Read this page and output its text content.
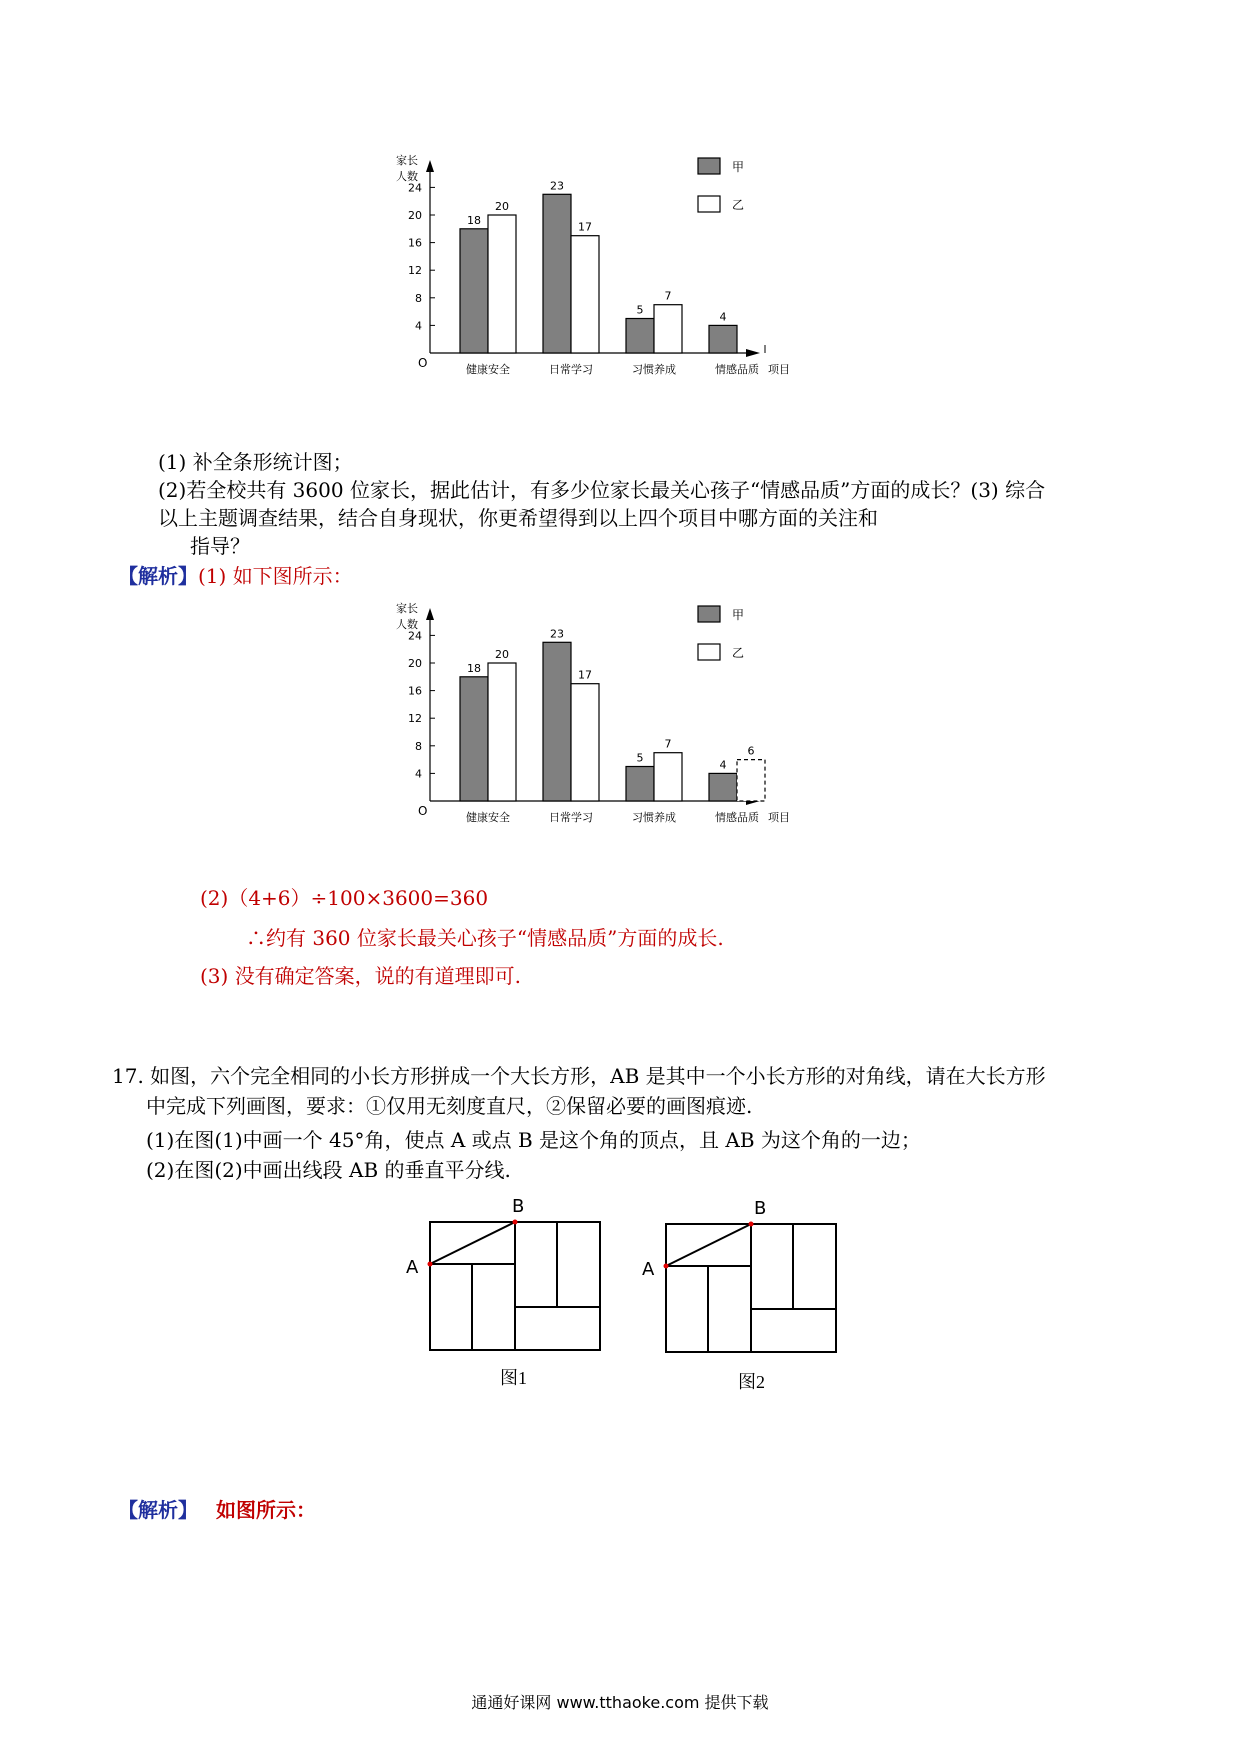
O
家长
人数
4
8
12
16
20
24
18
20
健康安全
23
17
日常学习
5
7
习惯养成
4
情感品质 项目
甲
乙
(1) 补全条形统计图；
(2)若全校共有 3600 位家长，据此估计，有多少位家长最关心孩子“情感品质”方面的成长？(3) 综合
以上主题调查结果，结合自身现状，你更希望得到以上四个项目中哪方面的关注和
指导？
【解析】(1) 如下图所示：
O
家长
人数
4
8
12
16
20
24
18
20
健康安全
23
17
日常学习
5
7
习惯养成
4
6
情感品质 项目
甲
乙
(2)（4+6）÷100×3600=360
∴约有 360 位家长最关心孩子“情感品质”方面的成长.
(3) 没有确定答案，说的有道理即可.
17. 如图，六个完全相同的小长方形拼成一个大长方形，AB 是其中一个小长方形的对角线，请在大长方形
中完成下列画图，要求：①仅用无刻度直尺，②保留必要的画图痕迹.
(1)在图(1)中画一个 45°角，使点 A 或点 B 是这个角的顶点，且 AB 为这个角的一边；
(2)在图(2)中画出线段 AB 的垂直平分线.
A
B
图1
A
B
图2
【解析】 如图所示：
通通好课网 www.tthaoke.com 提供下载
